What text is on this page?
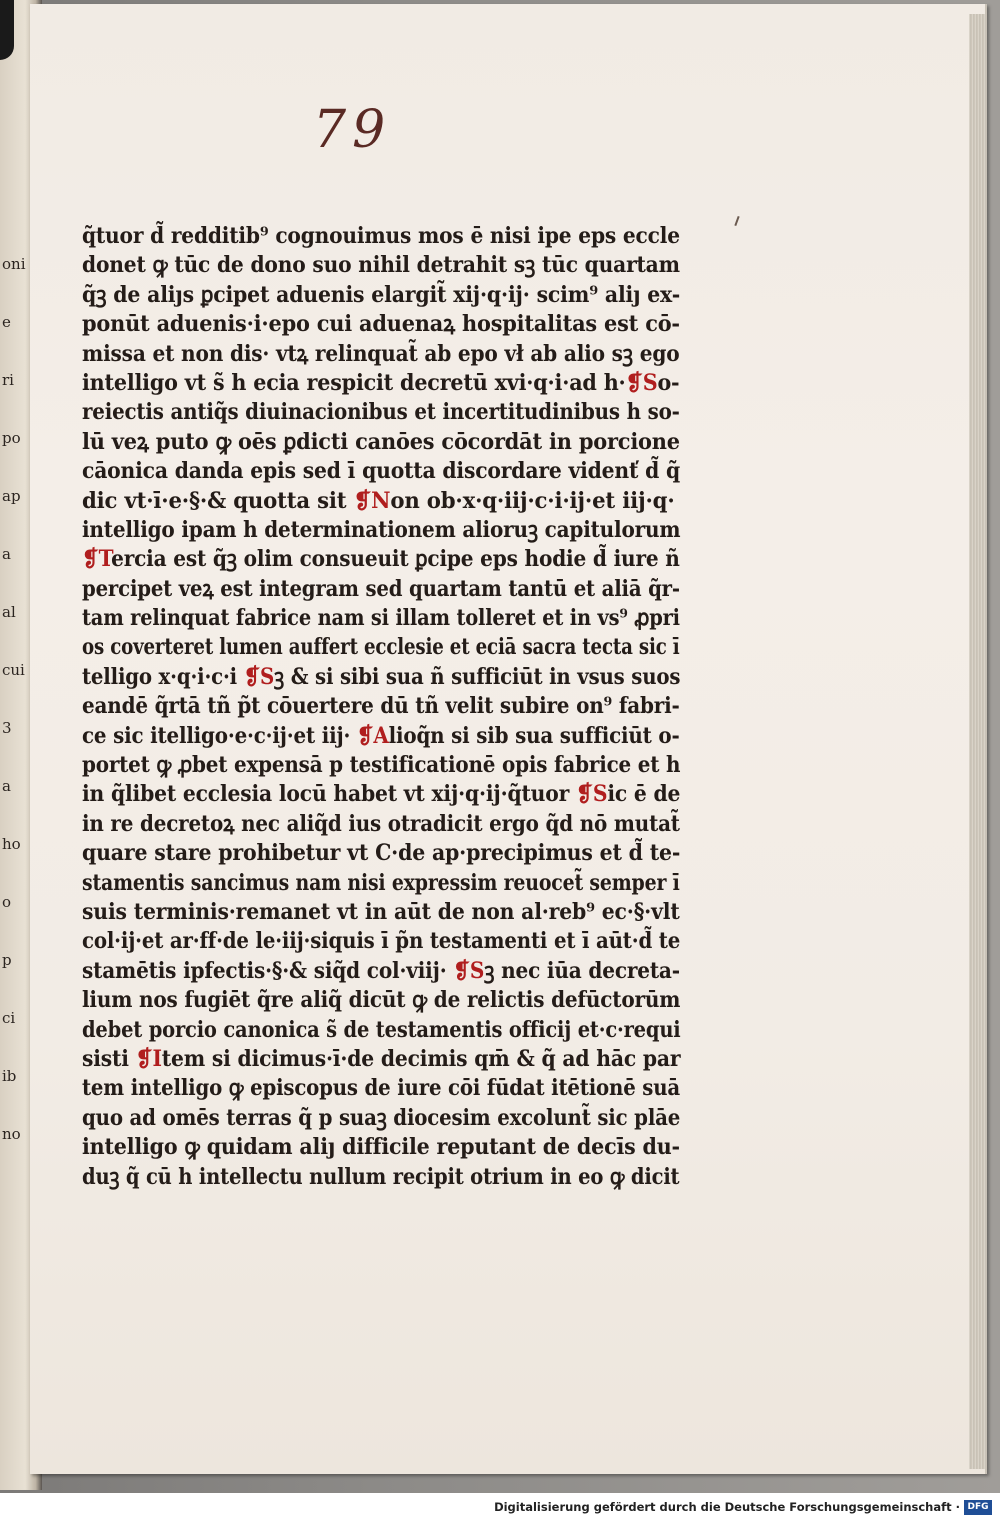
oni
e
ri
po
ap
a
al
cui
3
a
ho
o
p
ci
ib
no
79
q̃tuor d̃ redditib⁹ cognouimus mos ē nisi ipe eps eccle
donet ꝙ tūc de dono suo nihil detrahit sꝫ tūc quartam
q̃ꝫ de aliȷs ꝑcipet aduenis elargit̃ xij·q·ij· scim⁹ aliȷ ex-
ponūt aduenis·i·epo cui aduenaꝝ hospitalitas est cō-
missa et non dis· vtꝝ relinquat̃ ab epo vł ab alio sꝫ ego
intelligo vt s̃ h ecia respicit decretū xvi·q·i·ad h·❡So-
reiectis antiq̃s diuinacionibus et incertitudinibus h so-
lū veꝝ puto ꝙ oēs ꝑdicti canōes cōcordāt in porcione
cāonica danda epis sed ī quotta discordare videnť d̃ q̃
dic vt·ī·e·§·& quotta sit ❡Non ob·x·q·iij·c·i·ij·et iij·q·
intelligo ipam h determinationem alioruꝫ capitulorum
❡Tercia est q̃ꝫ olim consueuit ꝑcipe eps hodie d̃ iure ñ
percipet veꝝ est integram sed quartam tantū et aliā q̃r-
tam relinquat fabrice nam si illam tolleret et in vs⁹ ꝓpri
os coverteret lumen auffert ecclesie et eciā sacra tecta sic ī
tellіgo x·q·i·c·i ❡Sꝫ & si sibi sua ñ sufficiūt in vsus suos
eandē q̃rtā tñ p̃t cōuertere dū tñ velit subire on⁹ fabri-
ce sic itelligo·e·c·ij·et iij· ❡Alioq̃n si sib sua sufficiūt o-
portet ꝙ ꝓbet expensā p testificationē opis fabrice et h
in q̃libet ecclesia locū habet vt xij·q·ij·q̃tuor ❡Sic ē de
in re decretoꝝ nec aliq̃d ius otradicit ergo q̃d nō mutat̃
quare stare prohibetur vt C·de ap·precipimus et d̃ te-
stamentis sancimus nam nisi expressim reuocet̃ semper ī
suis terminis·remanet vt in aūt de non al·reb⁹ ec·§·vlt
col·ij·et ar·ff·de le·iij·siquis ī p̃n testamenti et ī aūt·d̃ te
stamētis ipfectis·§·& siq̃d col·viij· ❡Sꝫ nec iūa decreta-
lium nos fugiēt q̃re aliq̃ dicūt ꝙ de relictis defūctorūm
debet porcio canonica s̃ de testamentis officij et·c·requi
sisti ❡Item si dicimus·ī·de decimis qm̄ & q̃ ad hāc par
tem intelligo ꝙ episcopus de iure cōi fūdat itētionē suā
quo ad omēs terras q̃ p suaꝫ diocesim excolunt̃ sic plāe
intelligo ꝙ quidam aliȷ difficile reputant de decīs du-
duꝫ q̃ cū h intellectu nullum recipit otrium in eo ꝙ dicit
Digitalisierung gefördert durch die Deutsche Forschungsgemeinschaft · DFG
